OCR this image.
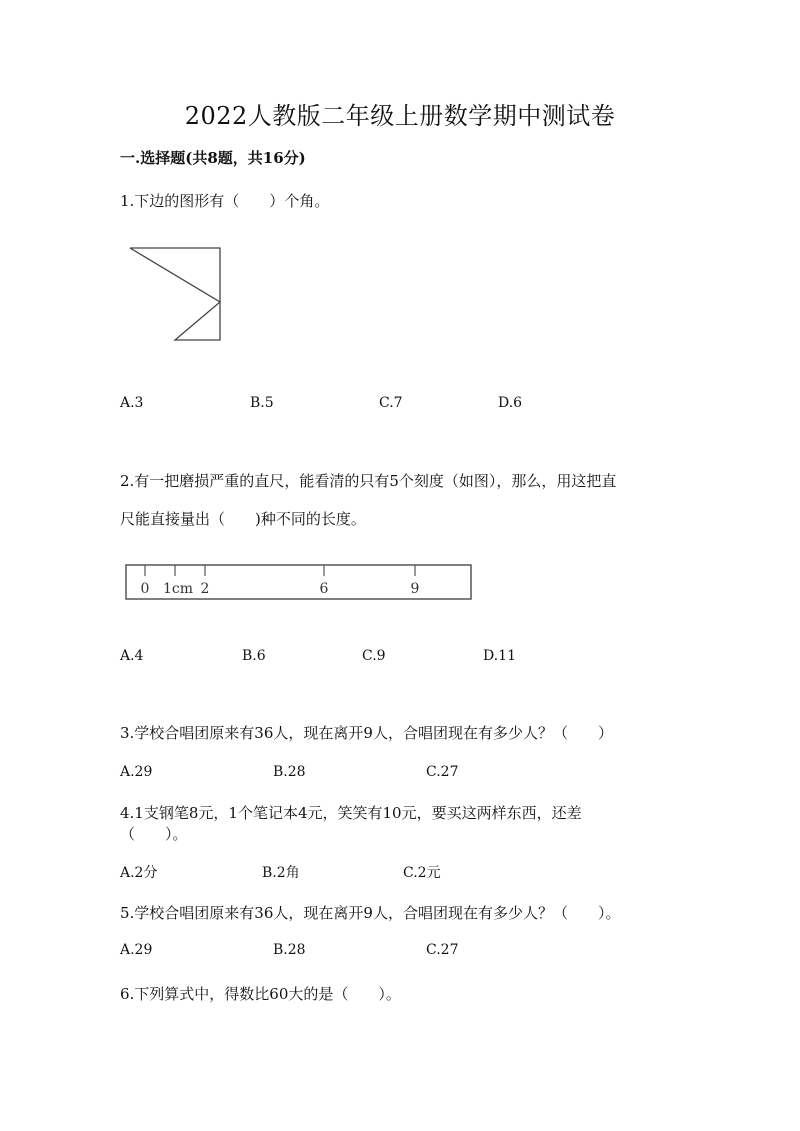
2022人教版二年级上册数学期中测试卷
一.选择题(共8题，共16分)
1.下边的图形有（　　）个角。
A.3	B.5	C.7	D.6
2.有一把磨损严重的直尺，能看清的只有5个刻度（如图），那么，用这把直
尺能直接量出（　　)种不同的长度。
0 1cm 2	6	9
A.4	B.6	C.9	D.11
3.学校合唱团原来有36人，现在离开9人，合唱团现在有多少人？（　　）
A.29	B.28	C.27
4.1支钢笔8元，1个笔记本4元，笑笑有10元，要买这两样东西，还差
（　　）。
A.2分	B.2角	C.2元
5.学校合唱团原来有36人，现在离开9人，合唱团现在有多少人？（　　）。
A.29	B.28	C.27
6.下列算式中，得数比60大的是（　　）。
